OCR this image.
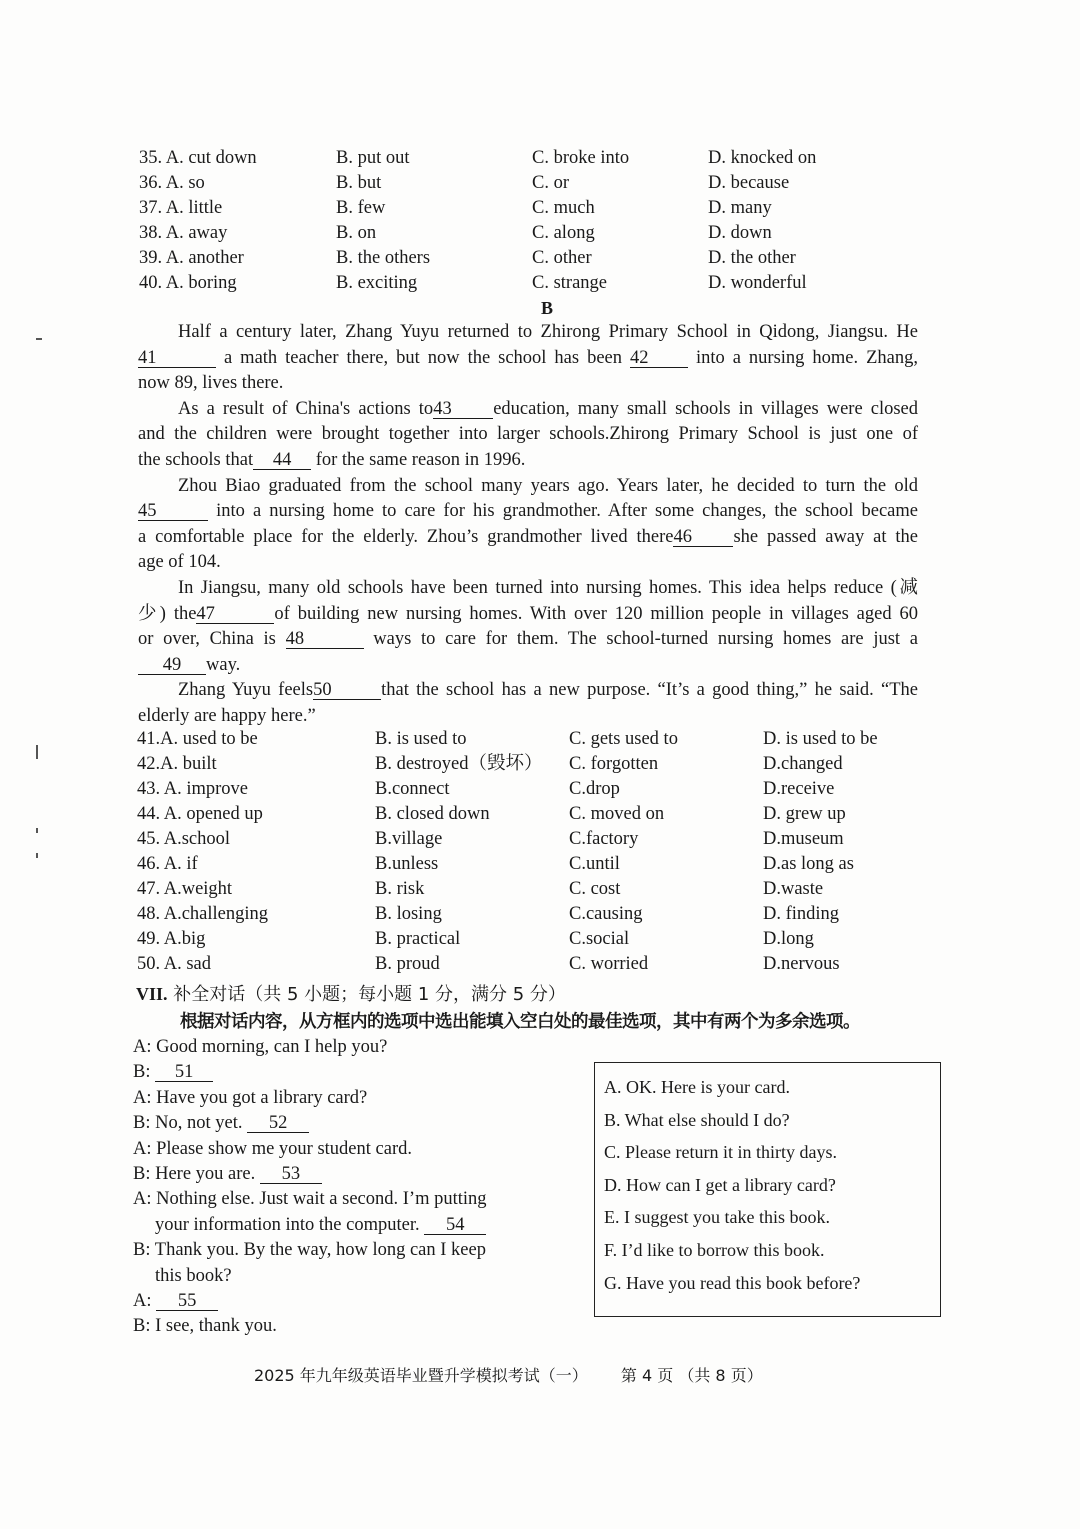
35. A. cut down	B. put out	C. broke into	D. knocked on
36. A. so	B. but	C. or	D. because
37. A. little	B. few	C. much	D. many
38. A. away	B. on	C. along	D. down
39. A. another	B. the others	C. other	D. the other
40. A. boring	B. exciting	C. strange	D. wonderful
B
Half a century later, Zhang Yuyu returned to Zhirong Primary School in Qidong, Jiangsu. He
41	a math teacher there, but now the school has been 42 into a nursing home. Zhang,
now 89, lives there.
As a result of China's actions to43 education, many small schools in villages were closed
and the children were brought together into larger schools.Zhirong Primary School is just one of
the schools that 44 for the same reason in 1996.
Zhou Biao graduated from the school many years ago. Years later, he decided to turn the old
45	into a nursing home to care for his grandmother. After some changes, the school became
a comfortable place for the elderly. Zhou’s grandmother lived there46 she passed away at the
age of 104.
In Jiangsu, many old schools have been turned into nursing homes. This idea helps reduce (减
少) the47	of building new nursing homes. With over 120 million people in villages aged 60
or over, China is 48	ways to care for them. The school-turned nursing homes are just a
49 way.
Zhang Yuyu feels50	that the school has a new purpose. “It’s a good thing,” he said. “The
elderly are happy here.”
41.A. used to be	B. is used to	C. gets used to	D. is used to be
42.A. built	B. destroyed（毁坏） C. forgotten	D.changed
43. A. improve	B.connect	C.drop	D.receive
44. A. opened up	B. closed down	C. moved on	D. grew up
45. A.school	B.village	C.factory	D.museum
46. A. if	B.unless	C.until	D.as long as
47. A.weight	B. risk	C. cost	D.waste
48. A.challenging	B. losing	C.causing	D. finding
49. A.big	B. practical	C.social	D.long
50. A. sad	B. proud	C. worried	D.nervous
VII. 补全对话（共 5 小题；每小题 1 分，满分 5 分）
根据对话内容，从方框内的选项中选出能填入空白处的最佳选项，其中有两个为多余选项。
A: Good morning, can I help you?
B: 51
A: Have you got a library card?
B: No, not yet. 52
A: Please show me your student card.
B: Here you are. 53
A: Nothing else. Just wait a second. I’m putting
your information into the computer. 54
B: Thank you. By the way, how long can I keep
this book?
A: 55
B: I see, thank you.
A. OK. Here is your card.
B. What else should I do?
C. Please return it in thirty days.
D. How can I get a library card?
E. I suggest you take this book.
F. I’d like to borrow this book.
G. Have you read this book before?
2025 年九年级英语毕业暨升学模拟考试（一） 第 4 页 （共 8 页）
